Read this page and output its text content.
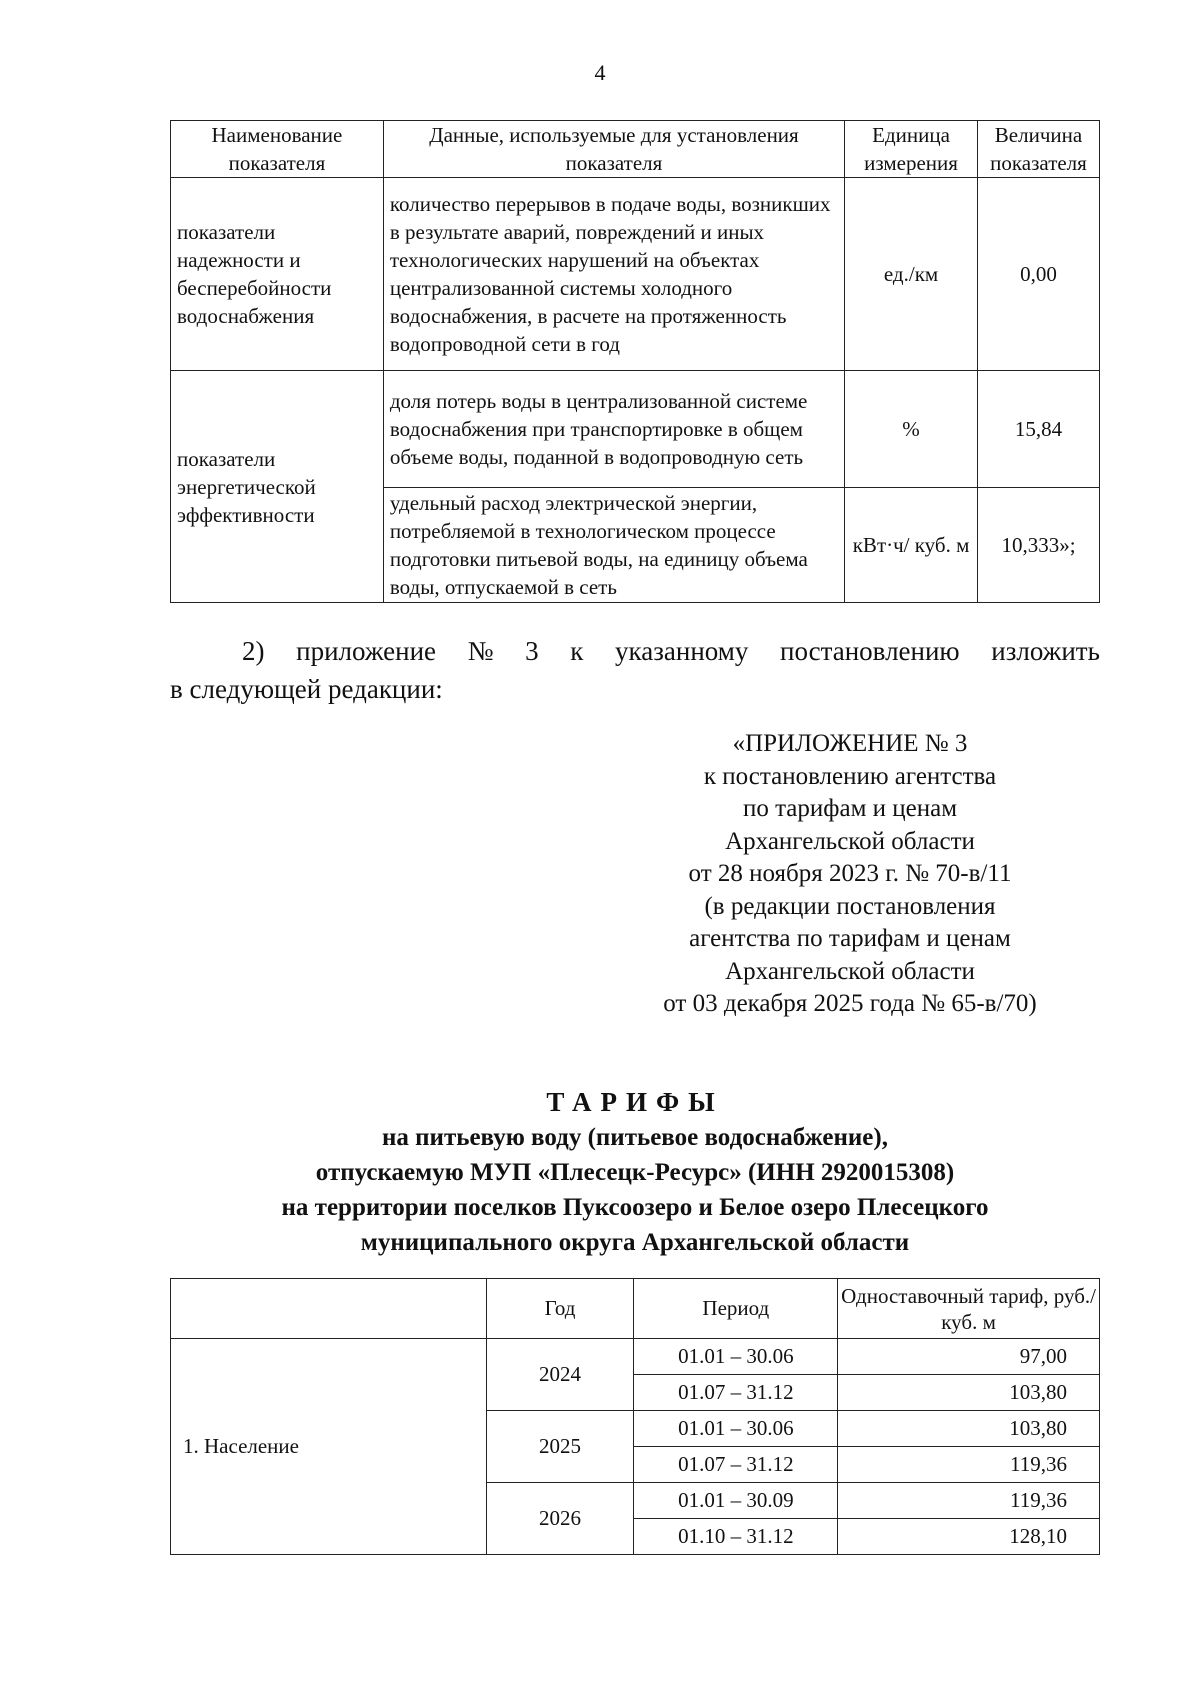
4
Наименование показателя	Данные, используемые для установления показателя	Единица измерения	Величина показателя
показатели надежности и бесперебойности водоснабжения	количество перерывов в подаче воды, возникших в результате аварий, повреждений и иных технологических нарушений на объектах централизованной системы холодного водоснабжения, в расчете на протяженность водопроводной сети в год	ед./км	0,00
показатели энергетической эффективности	доля потерь воды в централизованной системе водоснабжения при транспортировке в общем объеме воды, поданной в водопроводную сеть	%	15,84
	удельный расход электрической энергии, потребляемой в технологическом процессе подготовки питьевой воды, на единицу объема воды, отпускаемой в сеть	кВт·ч/ куб. м	10,333»;
2) приложение № 3 к указанному постановлению изложить
в следующей редакции:
«ПРИЛОЖЕНИЕ № 3
к постановлению агентства
по тарифам и ценам
Архангельской области
от 28 ноября 2023 г. № 70-в/11
(в редакции постановления
агентства по тарифам и ценам
Архангельской области
от 03 декабря 2025 года № 65-в/70)
ТАРИФЫ
на питьевую воду (питьевое водоснабжение),
отпускаемую МУП «Плесецк-Ресурс» (ИНН 2920015308)
на территории поселков Пуксоозеро и Белое озеро Плесецкого
муниципального округа Архангельской области
	Год	Период	Одноставочный тариф, руб./куб. м
1. Население	2024	01.01 – 30.06	97,00
		01.07 – 31.12	103,80
	2025	01.01 – 30.06	103,80
		01.07 – 31.12	119,36
	2026	01.01 – 30.09	119,36
		01.10 – 31.12	128,10
